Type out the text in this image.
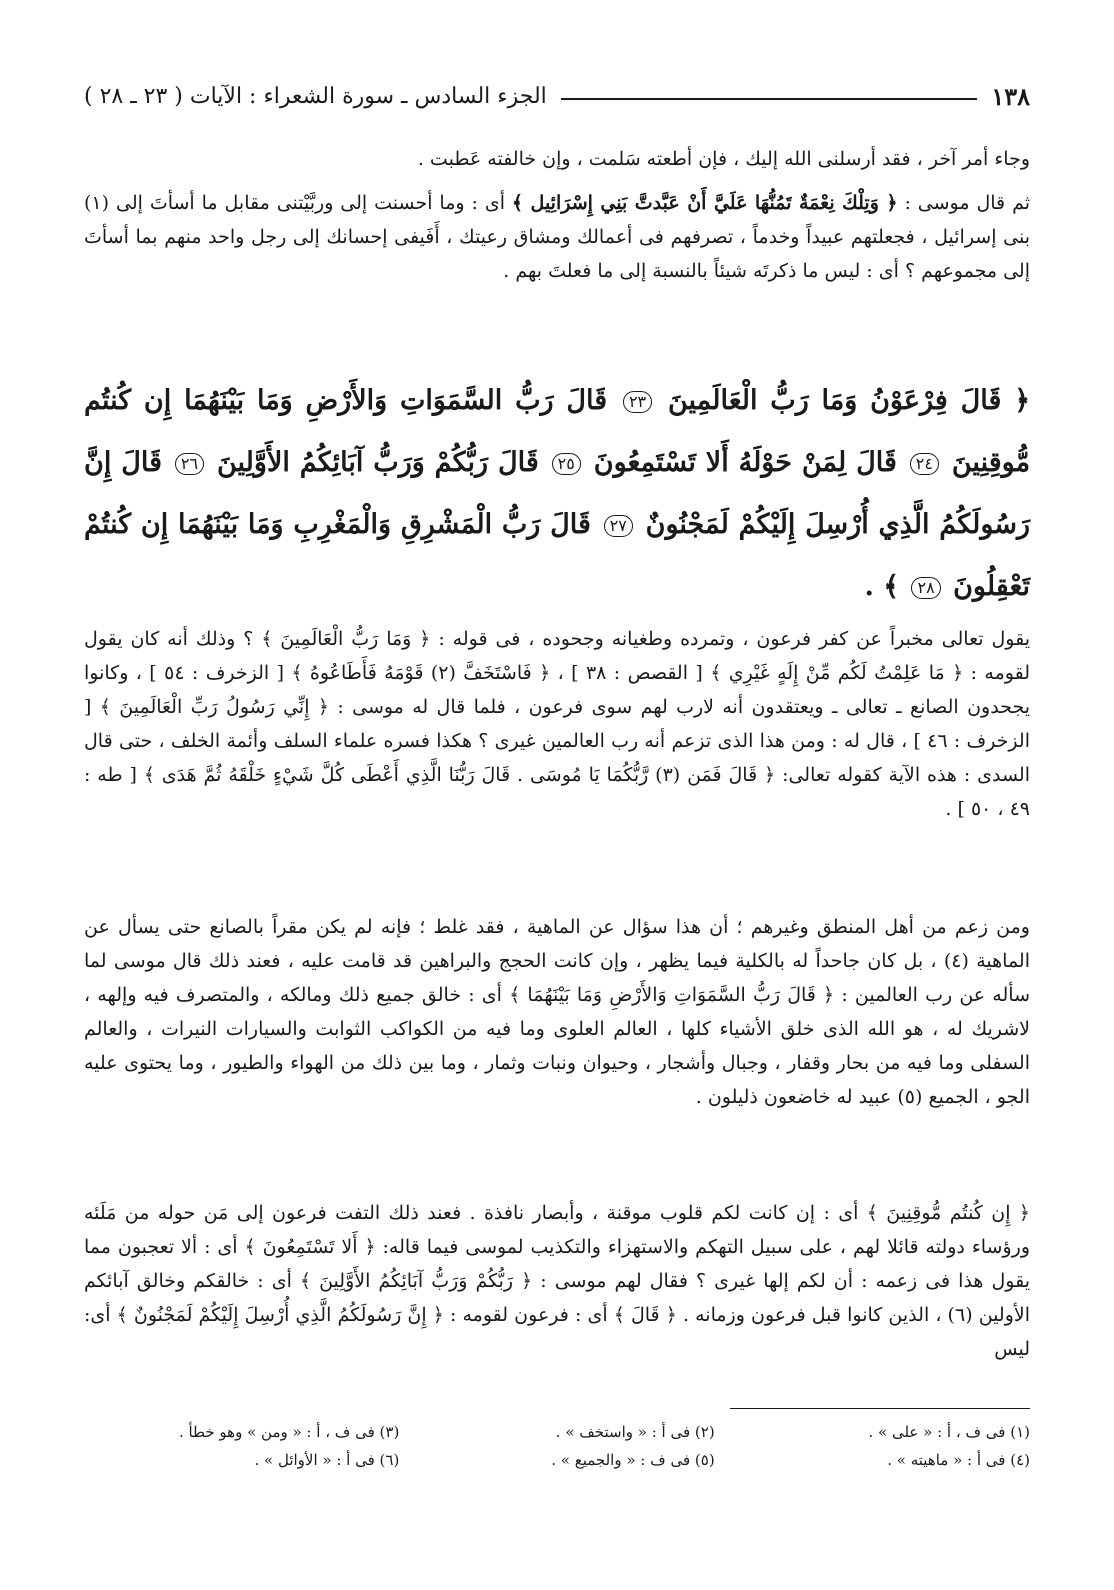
الجزء السادس ـ سورة الشعراء : الآيات ( ٢٣ ـ ٢٨ )	١٣٨

وجاء أمر آخر ، فقد أرسلنى الله إليك ، فإن أطعته سَلمت ، وإن خالفته عَطبت .

ثم قال موسى : ﴿ وَتِلْكَ نِعْمَةٌ تَمُنُّهَا عَلَيَّ أَنْ عَبَّدتَّ بَنِي إِسْرَائِيل ﴾ أى : وما أحسنت إلى وربَّيْتنى مقابل ما أسأتَ إلى (١) بنى إسرائيل ، فجعلتهم عبيداً وخدماً ، تصرفهم فى أعمالك ومشاق رعيتك ، أَفَيفى إحسانك إلى رجل واحد منهم بما أسأتَ إلى مجموعهم ؟ أى : ليس ما ذكرتَه شيئاً بالنسبة إلى ما فعلتَ بهم .

﴿ قَالَ فِرْعَوْنُ وَمَا رَبُّ الْعَالَمِينَ ٢٣ قَالَ رَبُّ السَّمَوَاتِ وَالأَرْضِ وَمَا بَيْنَهُمَا إِن كُنتُم مُّوقِنِينَ ٢٤ قَالَ لِمَنْ حَوْلَهُ أَلا تَسْتَمِعُونَ ٢٥ قَالَ رَبُّكُمْ وَرَبُّ آبَائِكُمُ الأَوَّلِينَ ٢٦ قَالَ إِنَّ رَسُولَكُمُ الَّذِي أُرْسِلَ إِلَيْكُمْ لَمَجْنُونٌ ٢٧ قَالَ رَبُّ الْمَشْرِقِ وَالْمَغْرِبِ وَمَا بَيْنَهُمَا إِن كُنتُمْ تَعْقِلُونَ ٢٨ ﴾ .

يقول تعالى مخبراً عن كفر فرعون ، وتمرده وطغيانه وجحوده ، فى قوله : ﴿ وَمَا رَبُّ الْعَالَمِينَ ﴾ ؟ وذلك أنه كان يقول لقومه : ﴿ مَا عَلِمْتُ لَكُم مِّنْ إِلَهٍ غَيْرِي ﴾ [ القصص : ٣٨ ] ، ﴿ فَاسْتَخَفَّ (٢) قَوْمَهُ فَأَطَاعُوهُ ﴾ [ الزخرف : ٥٤ ] ، وكانوا يجحدون الصانع ـ تعالى ـ ويعتقدون أنه لارب لهم سوى فرعون ، فلما قال له موسى : ﴿ إِنِّي رَسُولُ رَبِّ الْعَالَمِينَ ﴾ [ الزخرف : ٤٦ ] ، قال له : ومن هذا الذى تزعم أنه رب العالمين غيرى ؟ هكذا فسره علماء السلف وأئمة الخلف ، حتى قال السدى : هذه الآية كقوله تعالى: ﴿ قَالَ فَمَن (٣) رَّبُّكُمَا يَا مُوسَى . قَالَ رَبُّنَا الَّذِي أَعْطَى كُلَّ شَيْءٍ خَلْقَهُ ثُمَّ هَدَى ﴾ [ طه : ٤٩ ، ٥٠ ] .

ومن زعم من أهل المنطق وغيرهم ؛ أن هذا سؤال عن الماهية ، فقد غلط ؛ فإنه لم يكن مقراً بالصانع حتى يسأل عن الماهية (٤) ، بل كان جاحداً له بالكلية فيما يظهر ، وإن كانت الحجج والبراهين قد قامت عليه ، فعند ذلك قال موسى لما سأله عن رب العالمين : ﴿ قَالَ رَبُّ السَّمَوَاتِ وَالأَرْضِ وَمَا بَيْنَهُمَا ﴾ أى : خالق جميع ذلك ومالكه ، والمتصرف فيه وإلهه ، لاشريك له ، هو الله الذى خلق الأشياء كلها ، العالم العلوى وما فيه من الكواكب الثوابت والسيارات النيرات ، والعالم السفلى وما فيه من بحار وقفار ، وجبال وأشجار ، وحيوان ونبات وثمار ، وما بين ذلك من الهواء والطيور ، وما يحتوى عليه الجو ، الجميع (٥) عبيد له خاضعون ذليلون .

﴿ إِن كُنتُم مُّوقِنِينَ ﴾ أى : إن كانت لكم قلوب موقنة ، وأبصار نافذة . فعند ذلك التفت فرعون إلى مَن حوله من مَلَئه ورؤساء دولته قائلا لهم ، على سبيل التهكم والاستهزاء والتكذيب لموسى فيما قاله: ﴿ أَلا تَسْتَمِعُونَ ﴾ أى : ألا تعجبون مما يقول هذا فى زعمه : أن لكم إلها غيرى ؟ فقال لهم موسى : ﴿ رَبُّكُمْ وَرَبُّ آبَائِكُمُ الأَوَّلِينَ ﴾ أى : خالقكم وخالق آبائكم الأولين (٦) ، الذين كانوا قبل فرعون وزمانه . ﴿ قَالَ ﴾ أى : فرعون لقومه : ﴿ إِنَّ رَسُولَكُمُ الَّذِي أُرْسِلَ إِلَيْكُمْ لَمَجْنُونٌ ﴾ أى: ليس

(١) فى ف ، أ : « على » .
(٢) فى أ : « واستخف » .
(٣) فى ف ، أ : « ومن » وهو خطأ .
(٤) فى أ : « ماهيته » .
(٥) فى ف : « والجميع » .
(٦) فى أ : « الأوائل » .
